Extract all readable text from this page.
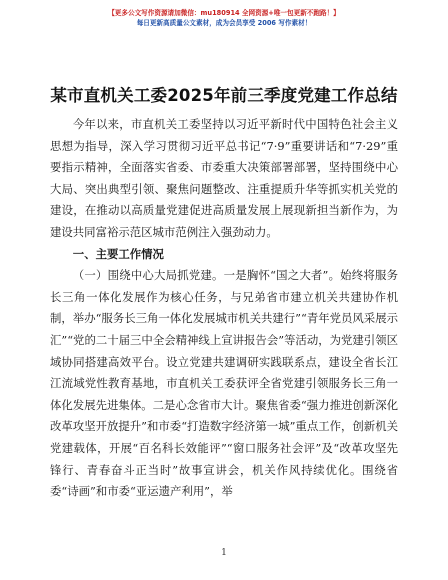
【更多公文写作资源请加微信：mu180914 全网资源+唯一包更新不跑路！】
每日更新高质量公文素材，成为会员享受 2006 写作素材！
某市直机关工委2025年前三季度党建工作总结

今年以来，市直机关工委坚持以习近平新时代中国特色社会主义思想为指导，深入学习贯彻习近平总书记“7·9”重要讲话和“7·29”重要指示精神，全面落实省委、市委重大决策部署部署，坚持围绕中心大局、突出典型引领、聚焦问题整改、注重提质升华等抓实机关党的建设，在推动以高质量党建促进高质量发展上展现新担当新作为，为建设共同富裕示范区城市范例注入强劲动力。

一、主要工作情况

（一）围绕中心大局抓党建。一是胸怀“国之大者”。始终将服务长三角一体化发展作为核心任务，与兄弟省市建立机关共建协作机制，举办“服务长三角一体化发展城市机关共建行”“青年党员风采展示汇”“党的二十届三中全会精神线上宣讲报告会”等活动，为党建引领区域协同搭建高效平台。设立党建共建调研实践联系点，建设全省长江江流域党性教育基地，市直机关工委获评全省党建引领服务长三角一体化发展先进集体。二是心念省市大计。聚焦省委“强力推进创新深化改革攻坚开放提升”和市委“打造数字经济第一城”重点工作，创新机关党建载体，开展“百名科长效能评”“窗口服务社会评”及“改革攻坚先锋行、青春奋斗正当时”故事宣讲会，机关作风持续优化。围绕省委“诗画”和市委“亚运遗产利用”，举

1
